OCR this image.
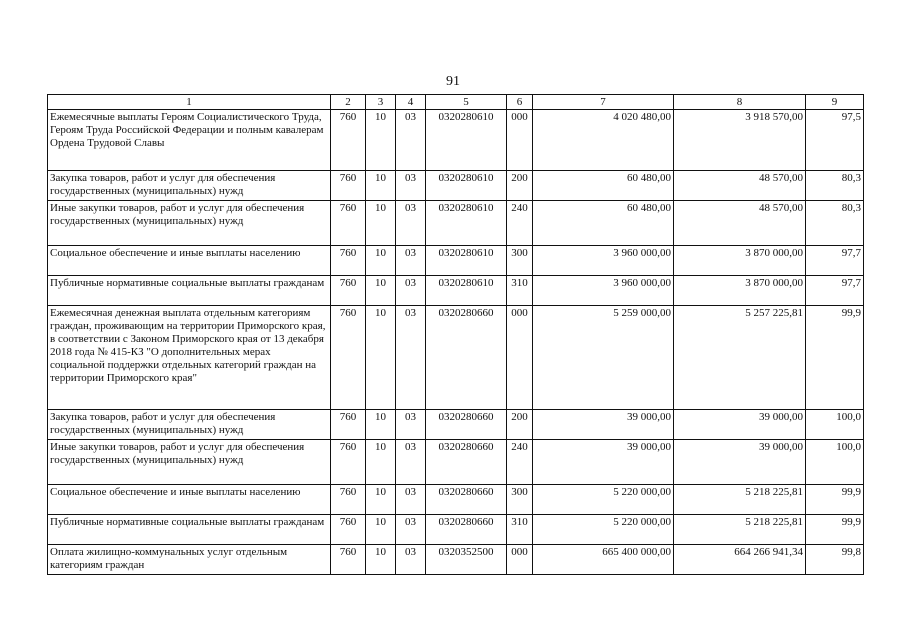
91
1	2	3	4	5	6	7	8	9
Ежемесячные выплаты Героям Социалистического Труда, Героям Труда Российской Федерации и полным кавалерам Ордена Трудовой Славы	760	10	03	0320280610	000	4 020 480,00	3 918 570,00	97,5
Закупка товаров, работ и услуг для обеспечения государственных (муниципальных) нужд	760	10	03	0320280610	200	60 480,00	48 570,00	80,3
Иные закупки товаров, работ и услуг для обеспечения государственных (муниципальных) нужд	760	10	03	0320280610	240	60 480,00	48 570,00	80,3
Социальное обеспечение и иные выплаты населению	760	10	03	0320280610	300	3 960 000,00	3 870 000,00	97,7
Публичные нормативные социальные выплаты гражданам	760	10	03	0320280610	310	3 960 000,00	3 870 000,00	97,7
Ежемесячная денежная выплата отдельным категориям граждан, проживающим на территории Приморского края, в соответствии с Законом Приморского края от 13 декабря 2018 года № 415-КЗ "О дополнительных мерах социальной поддержки отдельных категорий граждан на территории Приморского края"	760	10	03	0320280660	000	5 259 000,00	5 257 225,81	99,9
Закупка товаров, работ и услуг для обеспечения государственных (муниципальных) нужд	760	10	03	0320280660	200	39 000,00	39 000,00	100,0
Иные закупки товаров, работ и услуг для обеспечения государственных (муниципальных) нужд	760	10	03	0320280660	240	39 000,00	39 000,00	100,0
Социальное обеспечение и иные выплаты населению	760	10	03	0320280660	300	5 220 000,00	5 218 225,81	99,9
Публичные нормативные социальные выплаты гражданам	760	10	03	0320280660	310	5 220 000,00	5 218 225,81	99,9
Оплата жилищно-коммунальных услуг отдельным категориям граждан	760	10	03	0320352500	000	665 400 000,00	664 266 941,34	99,8
